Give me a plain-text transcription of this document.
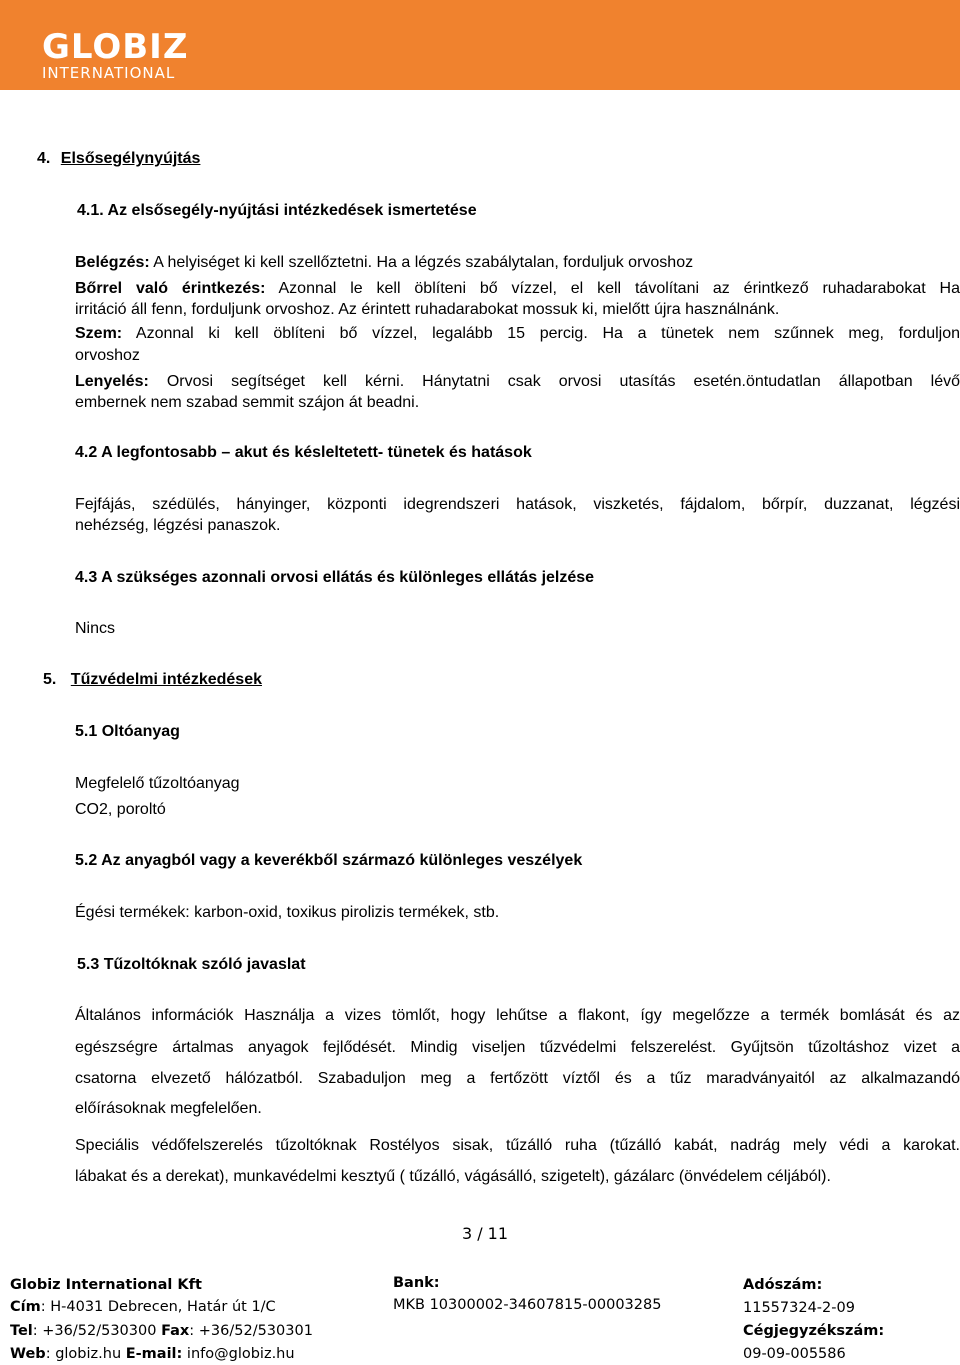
GLOBIZ
INTERNATIONAL
4. Elsősegélynyújtás
4.1. Az elsősegély-nyújtási intézkedések ismertetése
Belégzés: A helyiséget ki kell szellőztetni. Ha a légzés szabálytalan, forduljuk orvoshoz
Bőrrel való érintkezés: Azonnal le kell öblíteni bő vízzel, el kell távolítani az érintkező ruhadarabokat Ha
irritáció áll fenn, forduljunk orvoshoz. Az érintett ruhadarabokat mossuk ki, mielőtt újra használnánk.
Szem: Azonnal ki kell öblíteni bő vízzel, legalább 15 percig. Ha a tünetek nem szűnnek meg, forduljon
orvoshoz
Lenyelés: Orvosi segítséget kell kérni. Hánytatni csak orvosi utasítás esetén.öntudatlan állapotban lévő
embernek nem szabad semmit szájon át beadni.
4.2 A legfontosabb – akut és késleltetett- tünetek és hatások
Fejfájás, szédülés, hányinger, központi idegrendszeri hatások, viszketés, fájdalom, bőrpír, duzzanat, légzési
nehézség, légzési panaszok.
4.3 A szükséges azonnali orvosi ellátás és különleges ellátás jelzése
Nincs
5. Tűzvédelmi intézkedések
5.1 Oltóanyag
Megfelelő tűzoltóanyag
CO2, poroltó
5.2 Az anyagból vagy a keverékből származó különleges veszélyek
Égési termékek: karbon-oxid, toxikus pirolizis termékek, stb.
5.3 Tűzoltóknak szóló javaslat
Általános információk Használja a vizes tömlőt, hogy lehűtse a flakont, így megelőzze a termék bomlását és az
egészségre ártalmas anyagok fejlődését. Mindig viseljen tűzvédelmi felszerelést. Gyűjtsön tűzoltáshoz vizet a
csatorna elvezető hálózatból. Szabaduljon meg a fertőzött víztől és a tűz maradványaitól az alkalmazandó
előírásoknak megfelelően.
Speciális védőfelszerelés tűzoltóknak Rostélyos sisak, tűzálló ruha (tűzálló kabát, nadrág mely védi a karokat.
lábakat és a derekat), munkavédelmi kesztyű ( tűzálló, vágásálló, szigetelt), gázálarc (önvédelem céljából).
3 / 11
Globiz International Kft
Cím: H-4031 Debrecen, Határ út 1/C
Tel: +36/52/530300 Fax: +36/52/530301
Web: globiz.hu E-mail: info@globiz.hu
Bank:
MKB 10300002-34607815-00003285
Adószám:
11557324-2-09
Cégjegyzékszám:
09-09-005586
